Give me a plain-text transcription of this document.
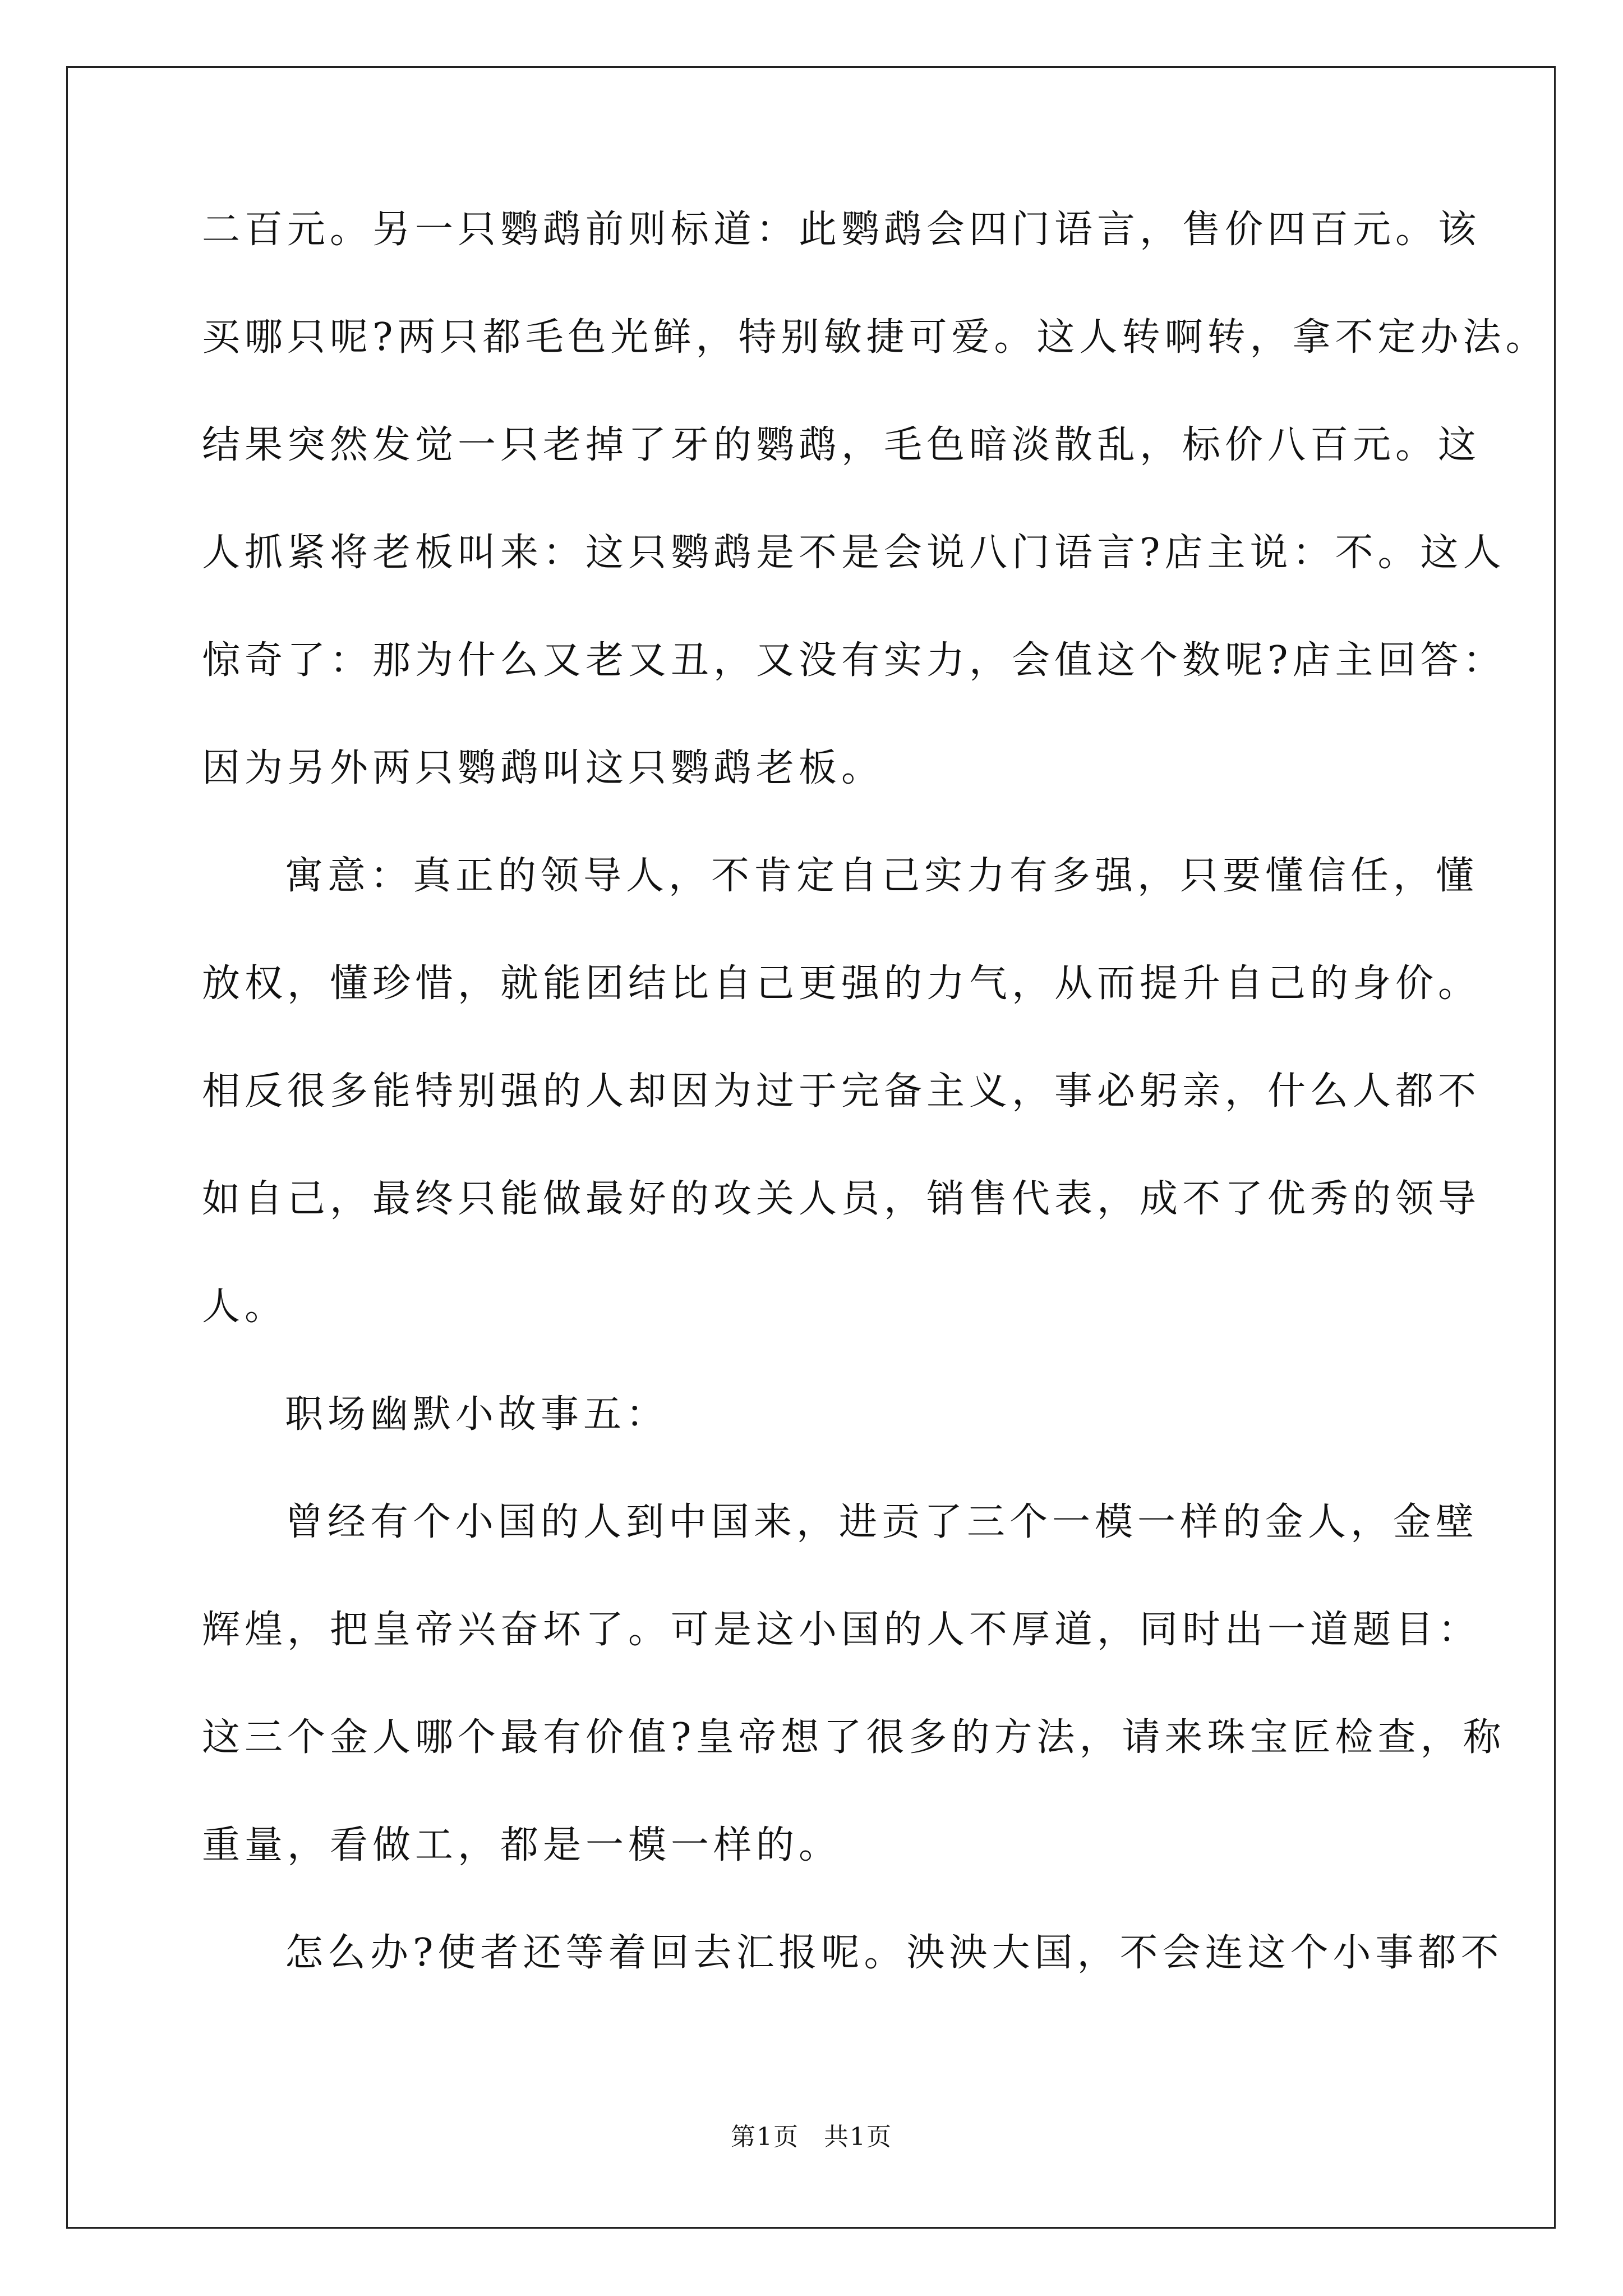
二百元。另一只鹦鹉前则标道：此鹦鹉会四门语言，售价四百元。该
买哪只呢?两只都毛色光鲜，特别敏捷可爱。这人转啊转，拿不定办法。
结果突然发觉一只老掉了牙的鹦鹉，毛色暗淡散乱，标价八百元。这
人抓紧将老板叫来：这只鹦鹉是不是会说八门语言?店主说：不。这人
惊奇了：那为什么又老又丑，又没有实力，会值这个数呢?店主回答：
因为另外两只鹦鹉叫这只鹦鹉老板。
寓意：真正的领导人，不肯定自己实力有多强，只要懂信任，懂
放权，懂珍惜，就能团结比自己更强的力气，从而提升自己的身价。
相反很多能特别强的人却因为过于完备主义，事必躬亲，什么人都不
如自己，最终只能做最好的攻关人员，销售代表，成不了优秀的领导
人。
职场幽默小故事五：
曾经有个小国的人到中国来，进贡了三个一模一样的金人，金壁
辉煌，把皇帝兴奋坏了。可是这小国的人不厚道，同时出一道题目：
这三个金人哪个最有价值?皇帝想了很多的方法，请来珠宝匠检查，称
重量，看做工，都是一模一样的。
怎么办?使者还等着回去汇报呢。泱泱大国，不会连这个小事都不
第1页 共1页
